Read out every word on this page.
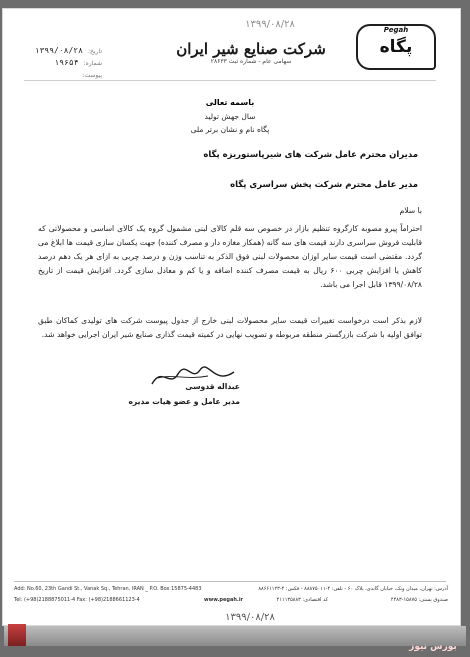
Pegah
پگاه
۱۳۹۹/۰۸/۲۸
شرکت صنایع شیر ایران
سهامی عام - شماره ثبت ۲۸۶۳۳
تاریخ: ۱۳۹۹/۰۸/۲۸
شماره: ۱۹۶۵۴
پیوست:
باسمه تعالی
سال جهش تولید
پگاه نام و نشان برتر ملی
مدیران محترم عامل شرکت های شیرپاستوریزه پگاه
مدیر عامل محترم شرکت پخش سراسری پگاه
با سلام
احتراماً پیرو مصوبه کارگروه تنظیم بازار در خصوص سه قلم کالای لبنی مشمول گروه یک کالای اساسی و محصولاتی که قابلیت فروش سراسری دارند قیمت های سه گانه (همکار مغازه دار و مصرف کننده) جهت یکسان سازی قیمت ها ابلاغ می گردد. مقتضی است قیمت سایر اوزان محصولات لبنی فوق الذکر به تناسب وزن و درصد چربی به ازای هر یک دهم درصد کاهش یا افزایش چربی ۶۰۰ ریال به قیمت مصرف کننده اضافه و یا کم و معادل سازی گردد. افزایش قیمت از تاریخ ۱۳۹۹/۰۸/۲۸ قابل اجرا می باشد.
لازم بذکر است درخواست تغییرات قیمت سایر محصولات لبنی خارج از جدول پیوست شرکت های تولیدی کماکان طبق توافق اولیه با شرکت بازرگستر منطقه مربوطه و تصویب نهایی در کمیته قیمت گذاری صنایع شیر ایران اجرایی خواهد شد.
عبداله قدوسی
مدیر عامل و عضو هیات مدیره
Add: No.60, 23th Gandi St., Vanak Sq., Tehran, IRAN _ P.O. Box 15875-4483
Tel: (+98)2188875011-4 Fax: (+98)2188661123-4	www.pegah.ir
آدرس: تهران، میدان ونک، خیابان گاندی، پلاک ۶۰ - تلفن: ۴-۸۸۸۷۵۰۱۱ - فکس: ۴-۸۸۶۶۱۱۲۳
صندوق پستی: ۱۵۸۷۵-۴۴۸۳
کد اقتصادی: ۴۱۱۱۳۵۸۸۳
۱۳۹۹/۰۸/۲۸
بورس نیوز
